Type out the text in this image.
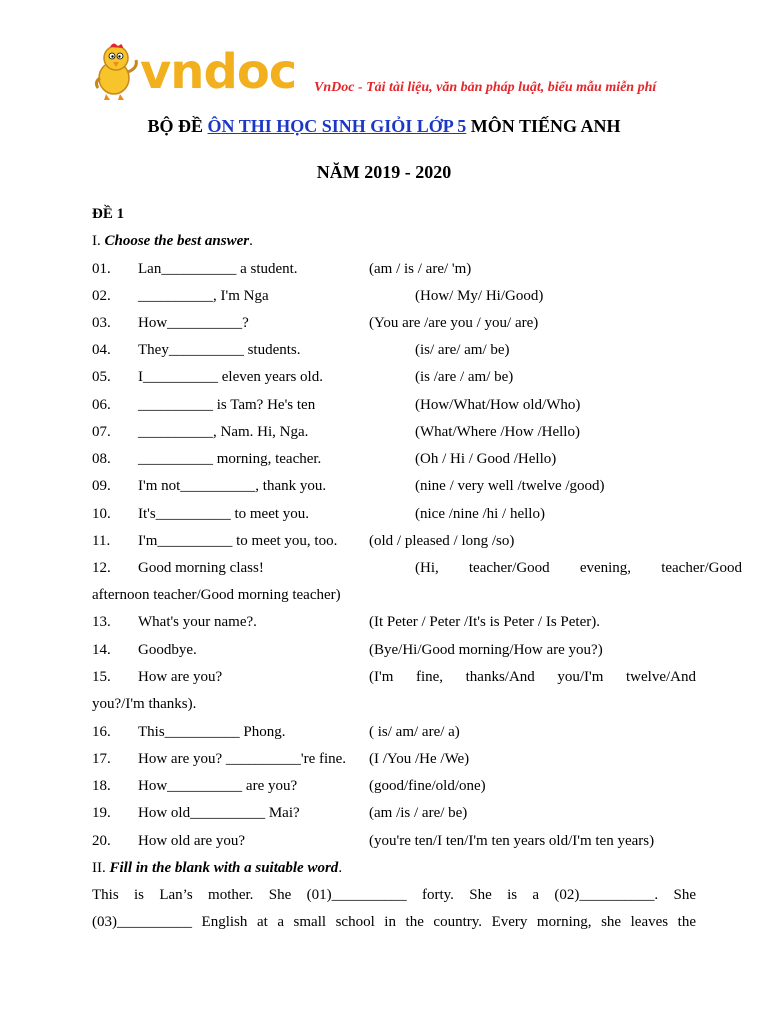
vndoc VnDoc - Tải tài liệu, văn bản pháp luật, biểu mẫu miễn phí
BỘ ĐỀ ÔN THI HỌC SINH GIỎI LỚP 5 MÔN TIẾNG ANH
NĂM 2019 - 2020
ĐỀ 1
I. Choose the best answer.
01. Lan__________ a student.	(am / is / are/ 'm)
02. __________, I'm Nga	(How/ My/ Hi/Good)
03. How__________?	(You are /are you / you/ are)
04. They__________ students.	(is/ are/ am/ be)
05. I__________ eleven years old.	(is /are / am/ be)
06. __________ is Tam? He's ten	(How/What/How old/Who)
07. __________, Nam. Hi, Nga.	(What/Where /How /Hello)
08. __________ morning, teacher.	(Oh / Hi / Good /Hello)
09. I'm not__________, thank you.	(nine / very well /twelve /good)
10. It's__________ to meet you.	(nice /nine /hi / hello)
11. I'm__________ to meet you, too. (old / pleased / long /so)
12. Good morning class!	(Hi, teacher/Good evening, teacher/Good
afternoon teacher/Good morning teacher)
13. What's your name?.	(It Peter / Peter /It's is Peter / Is Peter).
14. Goodbye.	(Bye/Hi/Good morning/How are you?)
15. How are you?	(I'm fine, thanks/And you/I'm twelve/And
you?/I'm thanks).
16. This__________ Phong.	( is/ am/ are/ a)
17. How are you? __________'re fine. (I /You /He /We)
18. How__________ are you?	(good/fine/old/one)
19. How old__________ Mai?	(am /is / are/ be)
20. How old are you?	(you're ten/I ten/I'm ten years old/I'm ten years)
II. Fill in the blank with a suitable word.
This is Lan’s mother. She (01)__________ forty. She is a (02)__________. She
(03)__________ English at a small school in the country. Every morning, she leaves the
